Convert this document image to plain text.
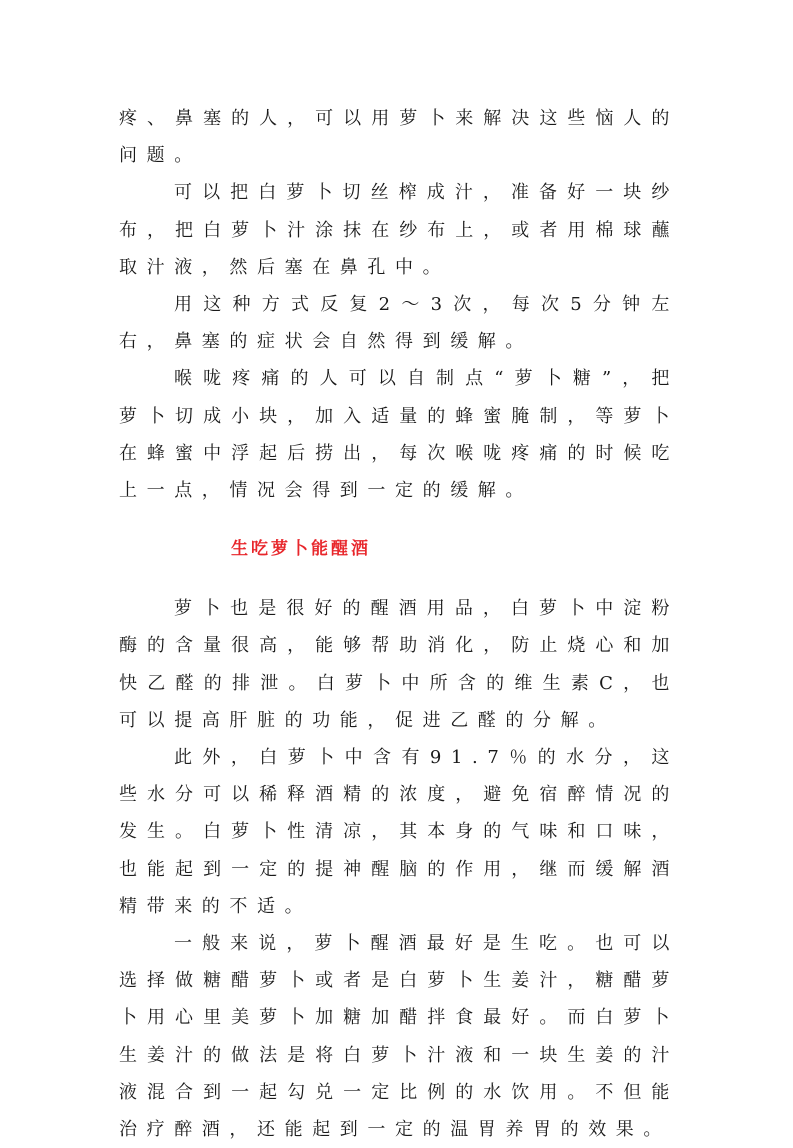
疼、鼻塞的人，可以用萝卜来解决这些恼人的问题。

可以把白萝卜切丝榨成汁，准备好一块纱布，把白萝卜汁涂抹在纱布上，或者用棉球蘸取汁液，然后塞在鼻孔中。

用这种方式反复2～3次，每次5分钟左右，鼻塞的症状会自然得到缓解。

喉咙疼痛的人可以自制点“萝卜糖”，把萝卜切成小块，加入适量的蜂蜜腌制，等萝卜在蜂蜜中浮起后捞出，每次喉咙疼痛的时候吃上一点，情况会得到一定的缓解。

生吃萝卜能醒酒

萝卜也是很好的醒酒用品，白萝卜中淀粉酶的含量很高，能够帮助消化，防止烧心和加快乙醛的排泄。白萝卜中所含的维生素C，也可以提高肝脏的功能，促进乙醛的分解。

此外，白萝卜中含有91.7％的水分，这些水分可以稀释酒精的浓度，避免宿醉情况的发生。白萝卜性清凉，其本身的气味和口味，也能起到一定的提神醒脑的作用，继而缓解酒精带来的不适。

一般来说，萝卜醒酒最好是生吃。也可以选择做糖醋萝卜或者是白萝卜生姜汁，糖醋萝卜用心里美萝卜加糖加醋拌食最好。而白萝卜生姜汁的做法是将白萝卜汁液和一块生姜的汁液混合到一起勾兑一定比例的水饮用。不但能治疗醉酒，还能起到一定的温胃养胃的效果。
